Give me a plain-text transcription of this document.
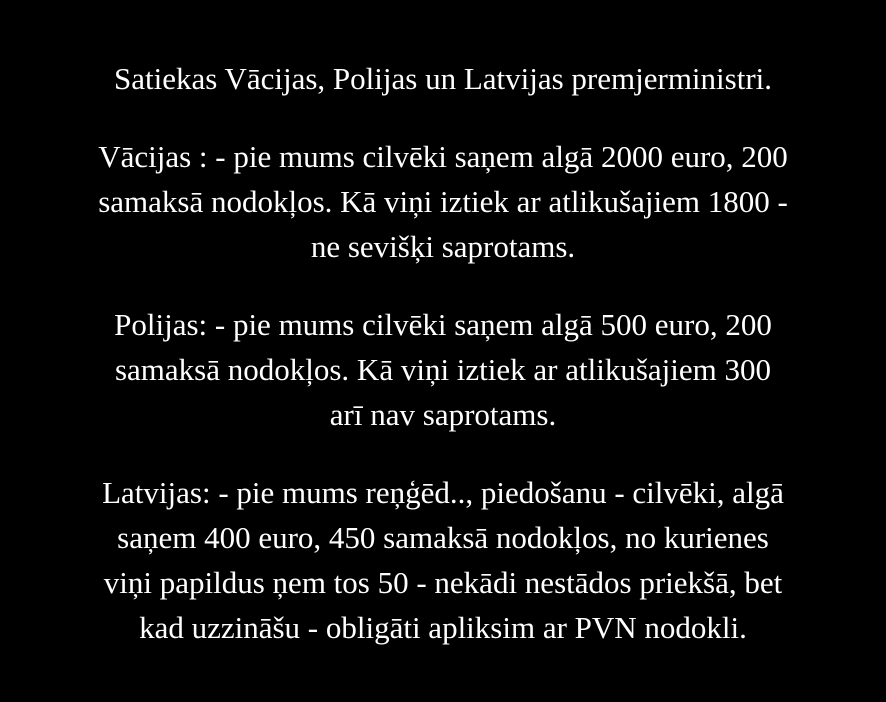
Satiekas Vācijas, Polijas un Latvijas premjerministri.
Vācijas : - pie mums cilvēki saņem algā 2000 euro, 200
samaksā nodokļos. Kā viņi iztiek ar atlikušajiem 1800 -
ne sevišķi saprotams.
Polijas: - pie mums cilvēki saņem algā 500 euro, 200
samaksā nodokļos. Kā viņi iztiek ar atlikušajiem 300
arī nav saprotams.
Latvijas: - pie mums reņģēd.., piedošanu - cilvēki, algā
saņem 400 euro, 450 samaksā nodokļos, no kurienes
viņi papildus ņem tos 50 - nekādi nestādos priekšā, bet
kad uzzināšu - obligāti apliksim ar PVN nodokli.
